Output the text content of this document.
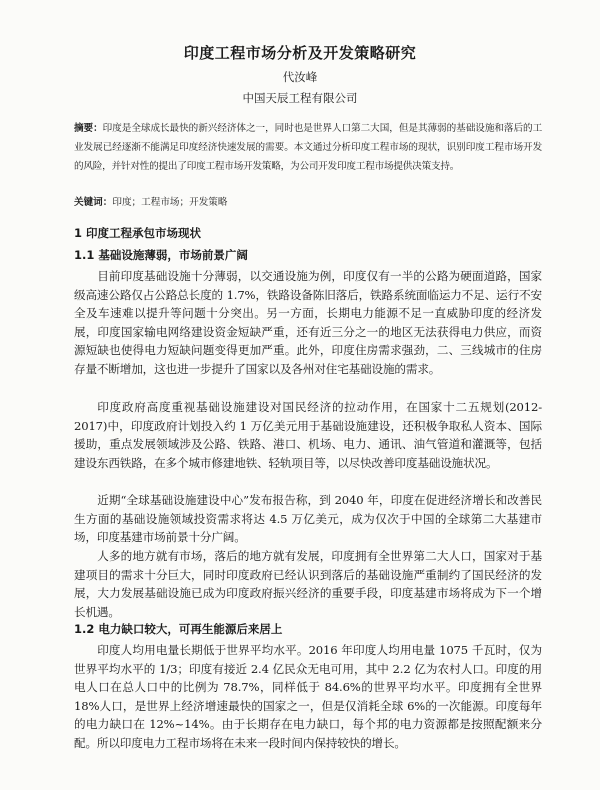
印度工程市场分析及开发策略研究
代汝峰
中国天辰工程有限公司
摘要：印度是全球成长最快的新兴经济体之一，同时也是世界人口第二大国，但是其薄弱的基础设施和落后的工业发展已经逐渐不能满足印度经济快速发展的需要。本文通过分析印度工程市场的现状，识别印度工程市场开发的风险，并针对性的提出了印度工程市场开发策略，为公司开发印度工程市场提供决策支持。
关键词：印度；工程市场；开发策略
1 印度工程承包市场现状
1.1 基础设施薄弱，市场前景广阔

目前印度基础设施十分薄弱，以交通设施为例，印度仅有一半的公路为硬面道路，国家级高速公路仅占公路总长度的 1.7%，铁路设备陈旧落后，铁路系统面临运力不足、运行不安全及车速难以提升等问题十分突出。另一方面，长期电力能源不足一直威胁印度的经济发展，印度国家输电网络建设资金短缺严重，还有近三分之一的地区无法获得电力供应，而资源短缺也使得电力短缺问题变得更加严重。此外，印度住房需求强劲，二、三线城市的住房存量不断增加，这也进一步提升了国家以及各州对住宅基础设施的需求。

印度政府高度重视基础设施建设对国民经济的拉动作用，在国家十二五规划(2012-2017)中，印度政府计划投入约 1 万亿美元用于基础设施建设，还积极争取私人资本、国际援助，重点发展领域涉及公路、铁路、港口、机场、电力、通讯、油气管道和灌溉等，包括建设东西铁路，在多个城市修建地铁、轻轨项目等，以尽快改善印度基础设施状况。

近期“全球基础设施建设中心”发布报告称，到 2040 年，印度在促进经济增长和改善民生方面的基础设施领域投资需求将达 4.5 万亿美元，成为仅次于中国的全球第二大基建市场，印度基建市场前景十分广阔。

人多的地方就有市场，落后的地方就有发展，印度拥有全世界第二大人口，国家对于基建项目的需求十分巨大，同时印度政府已经认识到落后的基础设施严重制约了国民经济的发展，大力发展基础设施已成为印度政府振兴经济的重要手段，印度基建市场将成为下一个增长机遇。

1.2 电力缺口较大，可再生能源后来居上

印度人均用电量长期低于世界平均水平。2016 年印度人均用电量 1075 千瓦时，仅为世界平均水平的 1/3；印度有接近 2.4 亿民众无电可用，其中 2.2 亿为农村人口。印度的用电人口在总人口中的比例为 78.7%，同样低于 84.6%的世界平均水平。印度拥有全世界 18%人口，是世界上经济增速最快的国家之一，但是仅消耗全球 6%的一次能源。印度每年的电力缺口在 12%~14%。由于长期存在电力缺口，每个邦的电力资源都是按照配额来分配。所以印度电力工程市场将在未来一段时间内保持较快的增长。
